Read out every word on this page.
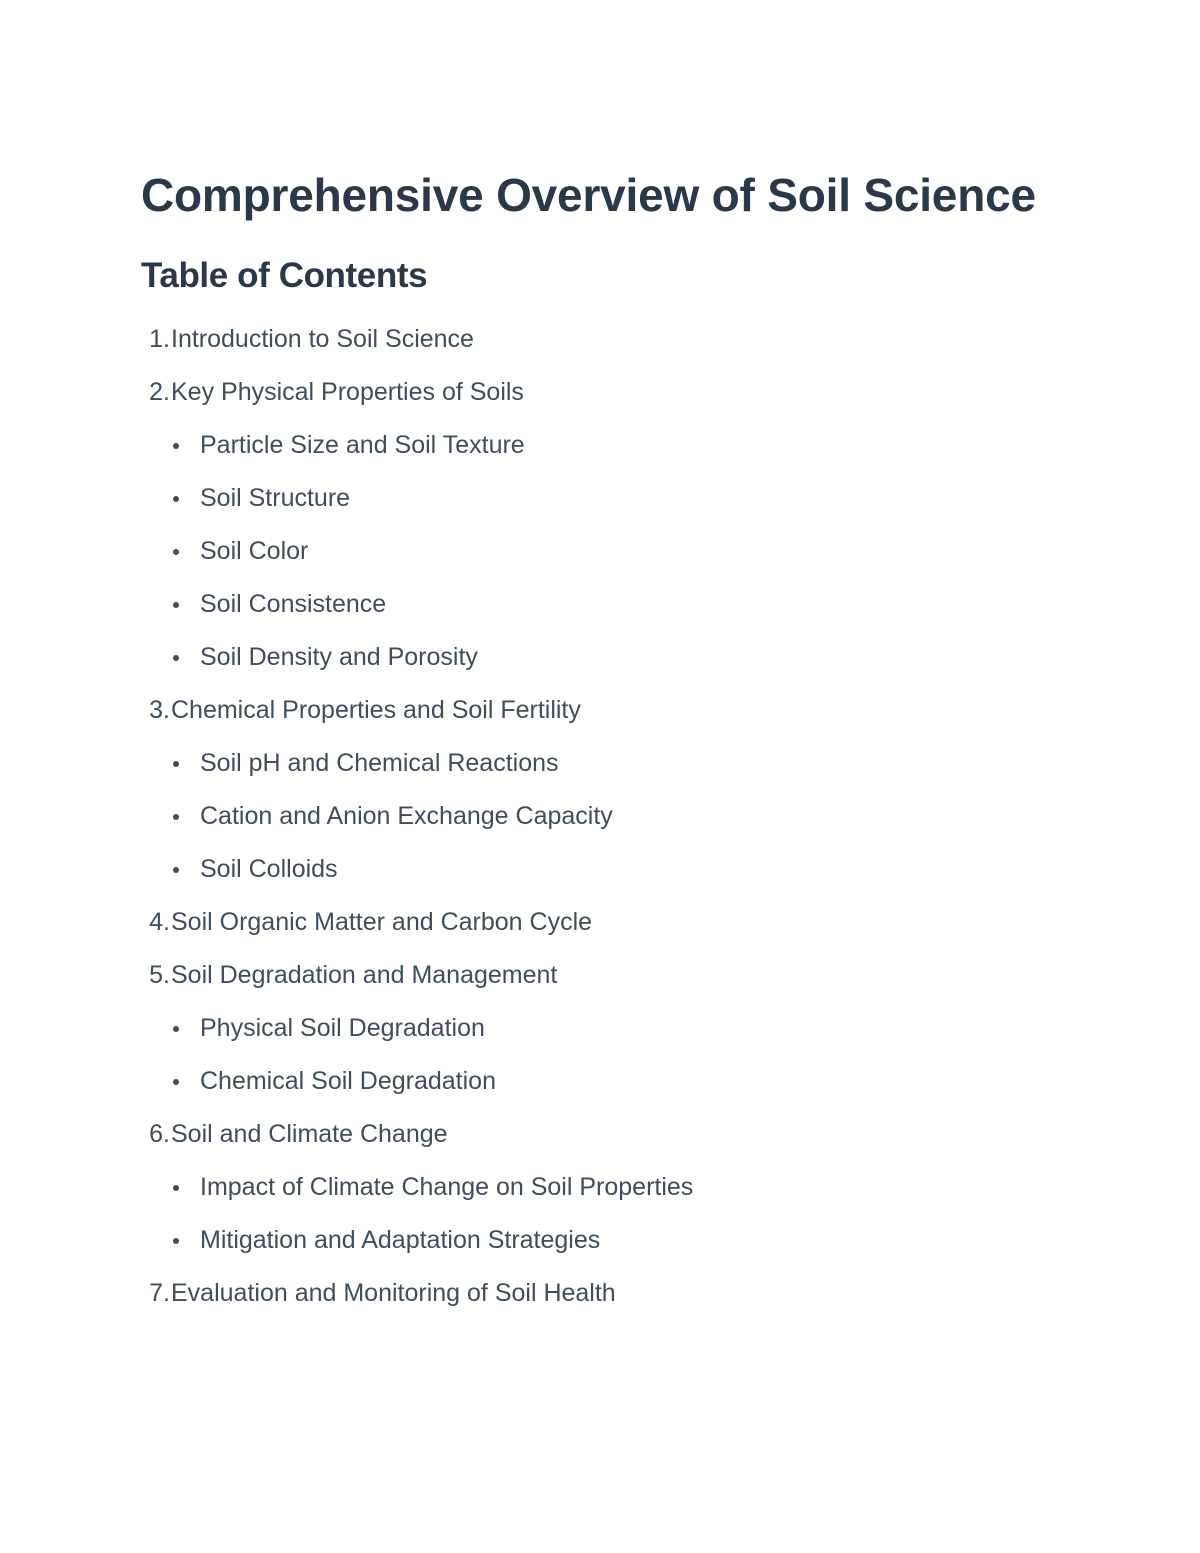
Comprehensive Overview of Soil Science
Table of Contents
1. Introduction to Soil Science
2. Key Physical Properties of Soils
Particle Size and Soil Texture
Soil Structure
Soil Color
Soil Consistence
Soil Density and Porosity
3. Chemical Properties and Soil Fertility
Soil pH and Chemical Reactions
Cation and Anion Exchange Capacity
Soil Colloids
4. Soil Organic Matter and Carbon Cycle
5. Soil Degradation and Management
Physical Soil Degradation
Chemical Soil Degradation
6. Soil and Climate Change
Impact of Climate Change on Soil Properties
Mitigation and Adaptation Strategies
7. Evaluation and Monitoring of Soil Health
